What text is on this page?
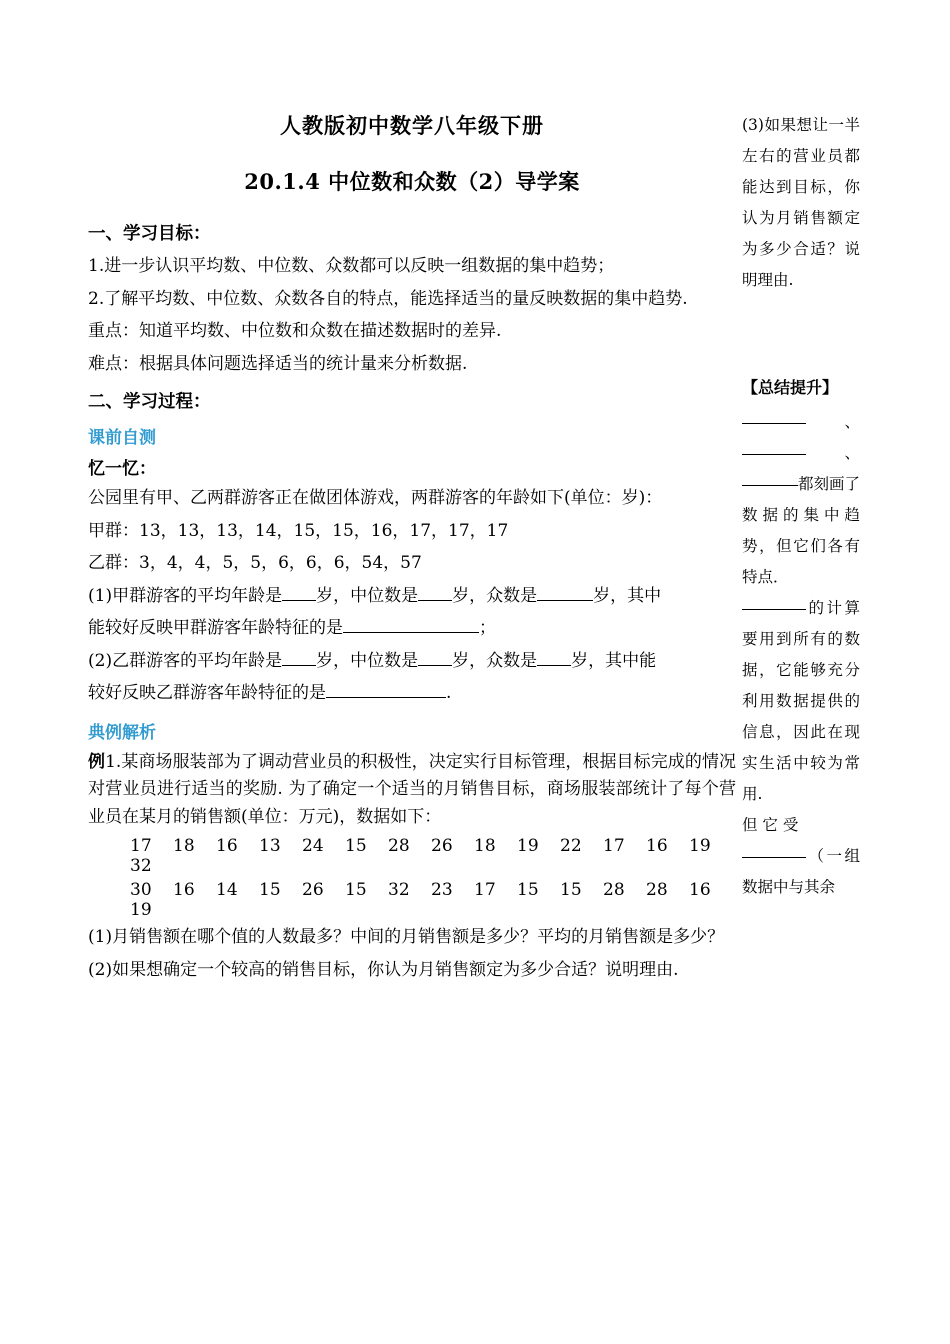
人教版初中数学八年级下册
20.1.4 中位数和众数（2）导学案
一、学习目标：

1.进一步认识平均数、中位数、众数都可以反映一组数据的集中趋势；

2.了解平均数、中位数、众数各自的特点，能选择适当的量反映数据的集中趋势.

重点：知道平均数、中位数和众数在描述数据时的差异.

难点：根据具体问题选择适当的统计量来分析数据.

二、学习过程：
课前自测
忆一忆：

公园里有甲、乙两群游客正在做团体游戏，两群游客的年龄如下(单位：岁)：

甲群：13，13，13，14，15，15，16，17，17，17

乙群：3，4，4，5，5，6，6，6，54，57

(1)甲群游客的平均年龄是 岁，中位数是 岁，众数是	岁，其中

能较好反映甲群游客年龄特征的是	；

(2)乙群游客的平均年龄是 岁，中位数是 岁，众数是 岁，其中能

较好反映乙群游客年龄特征的是	.

典例解析

例1.某商场服装部为了调动营业员的积极性，决定实行目标管理，根据目标完成的情况对营业员进行适当的奖励. 为了确定一个适当的月销售目标，商场服装部统计了每个营业员在某月的销售额(单位：万元)，数据如下：

17 18 16 13 24 15 28 26 18 19 22 17 16 1932

30 16 14 15 26 15 32 23 17 15 15 28 28 1619

(1)月销售额在哪个值的人数最多？中间的月销售额是多少？平均的月销售额是多少？

(2)如果想确定一个较高的销售目标，你认为月销售额定为多少合适？说明理由.

(3)如果想让一半左右的营业员都能达到目标，你认为月销售额定为多少合适？说明理由.

【总结提升】

、、都刻画了数据的集中趋势，但它们各有特点．

的计算要用到所有的数据，它能够充分利用数据提供的信息，因此在现实生活中较为常用.

但 它 受

（一组数据中与其余
